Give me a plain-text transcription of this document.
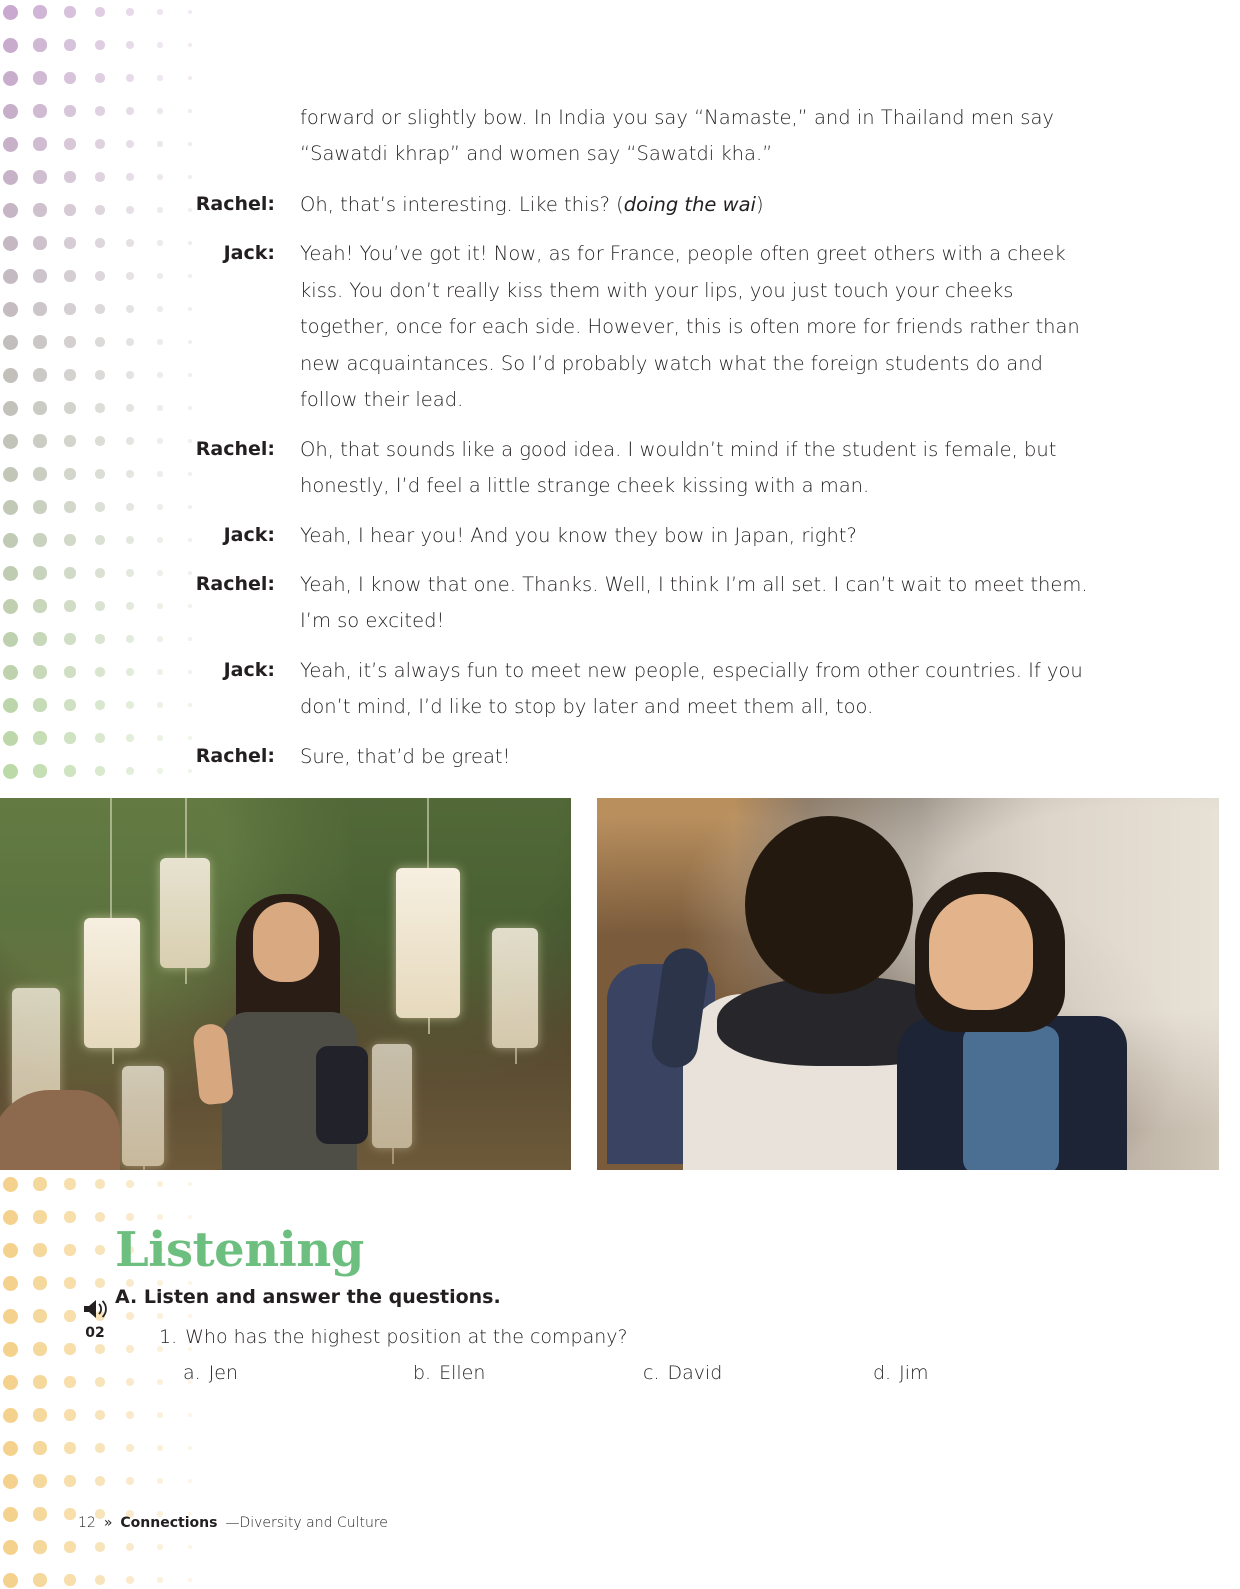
forward or slightly bow. In India you say “Namaste,” and in Thailand men say “Sawatdi khrap” and women say “Sawatdi kha.”

Rachel:	Oh, that’s interesting. Like this? (doing the wai)
Jack:	Yeah! You’ve got it! Now, as for France, people often greet others with a cheek kiss. You don’t really kiss them with your lips, you just touch your cheeks together, once for each side. However, this is often more for friends rather than new acquaintances. So I’d probably watch what the foreign students do and follow their lead.
Rachel:	Oh, that sounds like a good idea. I wouldn’t mind if the student is female, but honestly, I’d feel a little strange cheek kissing with a man.
Jack:	Yeah, I hear you! And you know they bow in Japan, right?
Rachel:	Yeah, I know that one. Thanks. Well, I think I’m all set. I can’t wait to meet them. I’m so excited!
Jack:	Yeah, it’s always fun to meet new people, especially from other countries. If you don’t mind, I’d like to stop by later and meet them all, too.
Rachel:	Sure, that’d be great!
Listening
02
A. Listen and answer the questions.
1. Who has the highest position at the company?
a. Jen	b. Ellen	c. David	d. Jim
12 » Connections —Diversity and Culture
